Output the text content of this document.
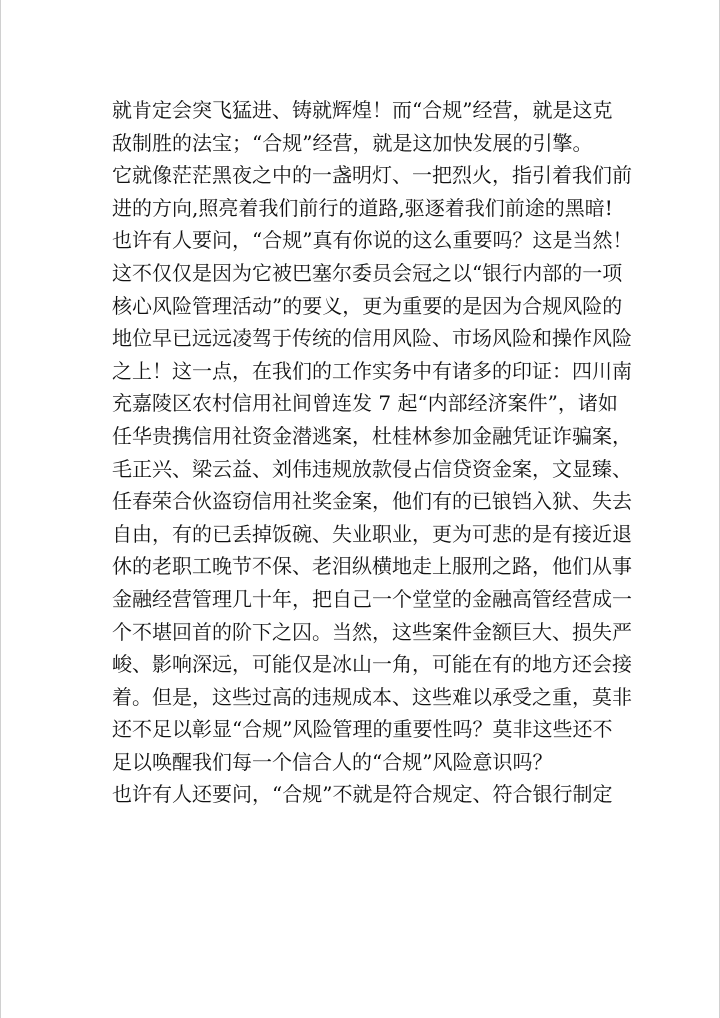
就肯定会突飞猛进、铸就辉煌！而“合规”经营，就是这克
敌制胜的法宝；“合规”经营，就是这加快发展的引擎。
它就像茫茫黑夜之中的一盏明灯、一把烈火，指引着我们前
进的方向,照亮着我们前行的道路,驱逐着我们前途的黑暗!
也许有人要问，“合规”真有你说的这么重要吗？这是当然！
这不仅仅是因为它被巴塞尔委员会冠之以“银行内部的一项
核心风险管理活动”的要义，更为重要的是因为合规风险的
地位早已远远凌驾于传统的信用风险、市场风险和操作风险
之上！这一点，在我们的工作实务中有诸多的印证：四川南
充嘉陵区农村信用社间曾连发 7 起“内部经济案件”，诸如
任华贵携信用社资金潜逃案，杜桂林参加金融凭证诈骗案，
毛正兴、梁云益、刘伟违规放款侵占信贷资金案，文显臻、
任春荣合伙盗窃信用社奖金案，他们有的已锒铛入狱、失去
自由，有的已丢掉饭碗、失业职业，更为可悲的是有接近退
休的老职工晚节不保、老泪纵横地走上服刑之路，他们从事
金融经营管理几十年，把自己一个堂堂的金融高管经营成一
个不堪回首的阶下之囚。当然，这些案件金额巨大、损失严
峻、影响深远，可能仅是冰山一角，可能在有的地方还会接
着。但是，这些过高的违规成本、这些难以承受之重，莫非
还不足以彰显“合规”风险管理的重要性吗？莫非这些还不
足以唤醒我们每一个信合人的“合规”风险意识吗？
也许有人还要问，“合规”不就是符合规定、符合银行制定
